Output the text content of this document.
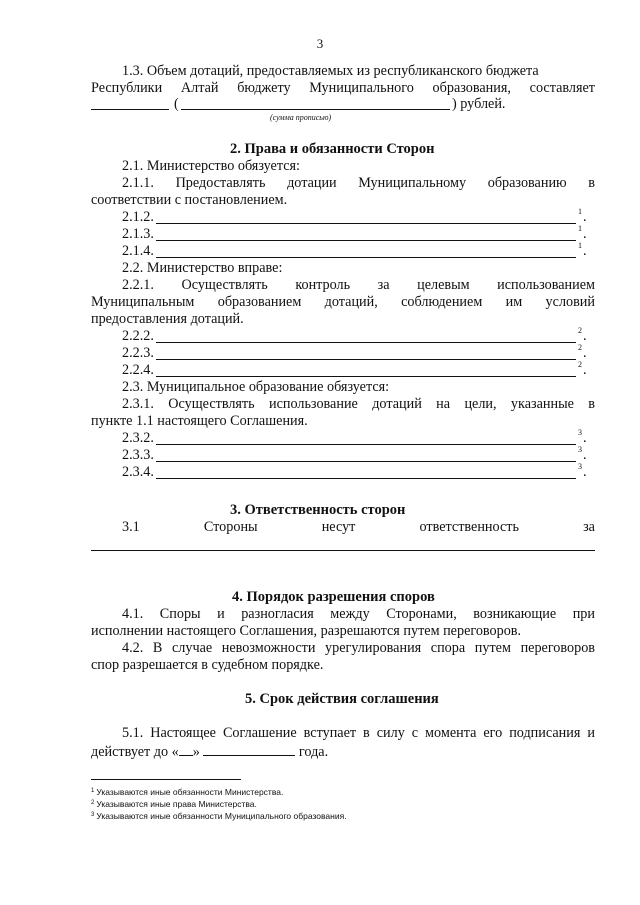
3
1.3. Объем дотаций, предоставляемых из республиканского бюджета
Республики Алтай бюджету Муниципального образования, составляет
(	) рублей.
(сумма прописью)
2. Права и обязанности Сторон
2.1. Министерство обязуется:
2.1.1. Предоставлять дотации Муниципальному образованию в
соответствии с постановлением.
2.1.2.	1 .
2.1.3.	1 .
2.1.4.	1 .
2.2. Министерство вправе:
2.2.1. Осуществлять контроль за целевым использованием
Муниципальным образованием дотаций, соблюдением им условий
предоставления дотаций.
2.2.2.	2 .
2.2.3.	2 .
2.2.4.	2 .
2.3. Муниципальное образование обязуется:
2.3.1. Осуществлять использование дотаций на цели, указанные в
пункте 1.1 настоящего Соглашения.
2.3.2.	3 .
2.3.3.	3 .
2.3.4.	3 .
3. Ответственность сторон
3.1	Стороны	несут	ответственность	за
4. Порядок разрешения споров
4.1. Споры и разногласия между Сторонами, возникающие при
исполнении настоящего Соглашения, разрешаются путем переговоров.
4.2. В случае невозможности урегулирования спора путем переговоров
спор разрешается в судебном порядке.
5. Срок действия соглашения
5.1. Настоящее Соглашение вступает в силу с момента его подписания и
действует до « »	года.
$^1$ Указываются иные обязанности Министерства.
$^2$ Указываются иные права Министерства.
$^3$ Указываются иные обязанности Муниципального образования.
